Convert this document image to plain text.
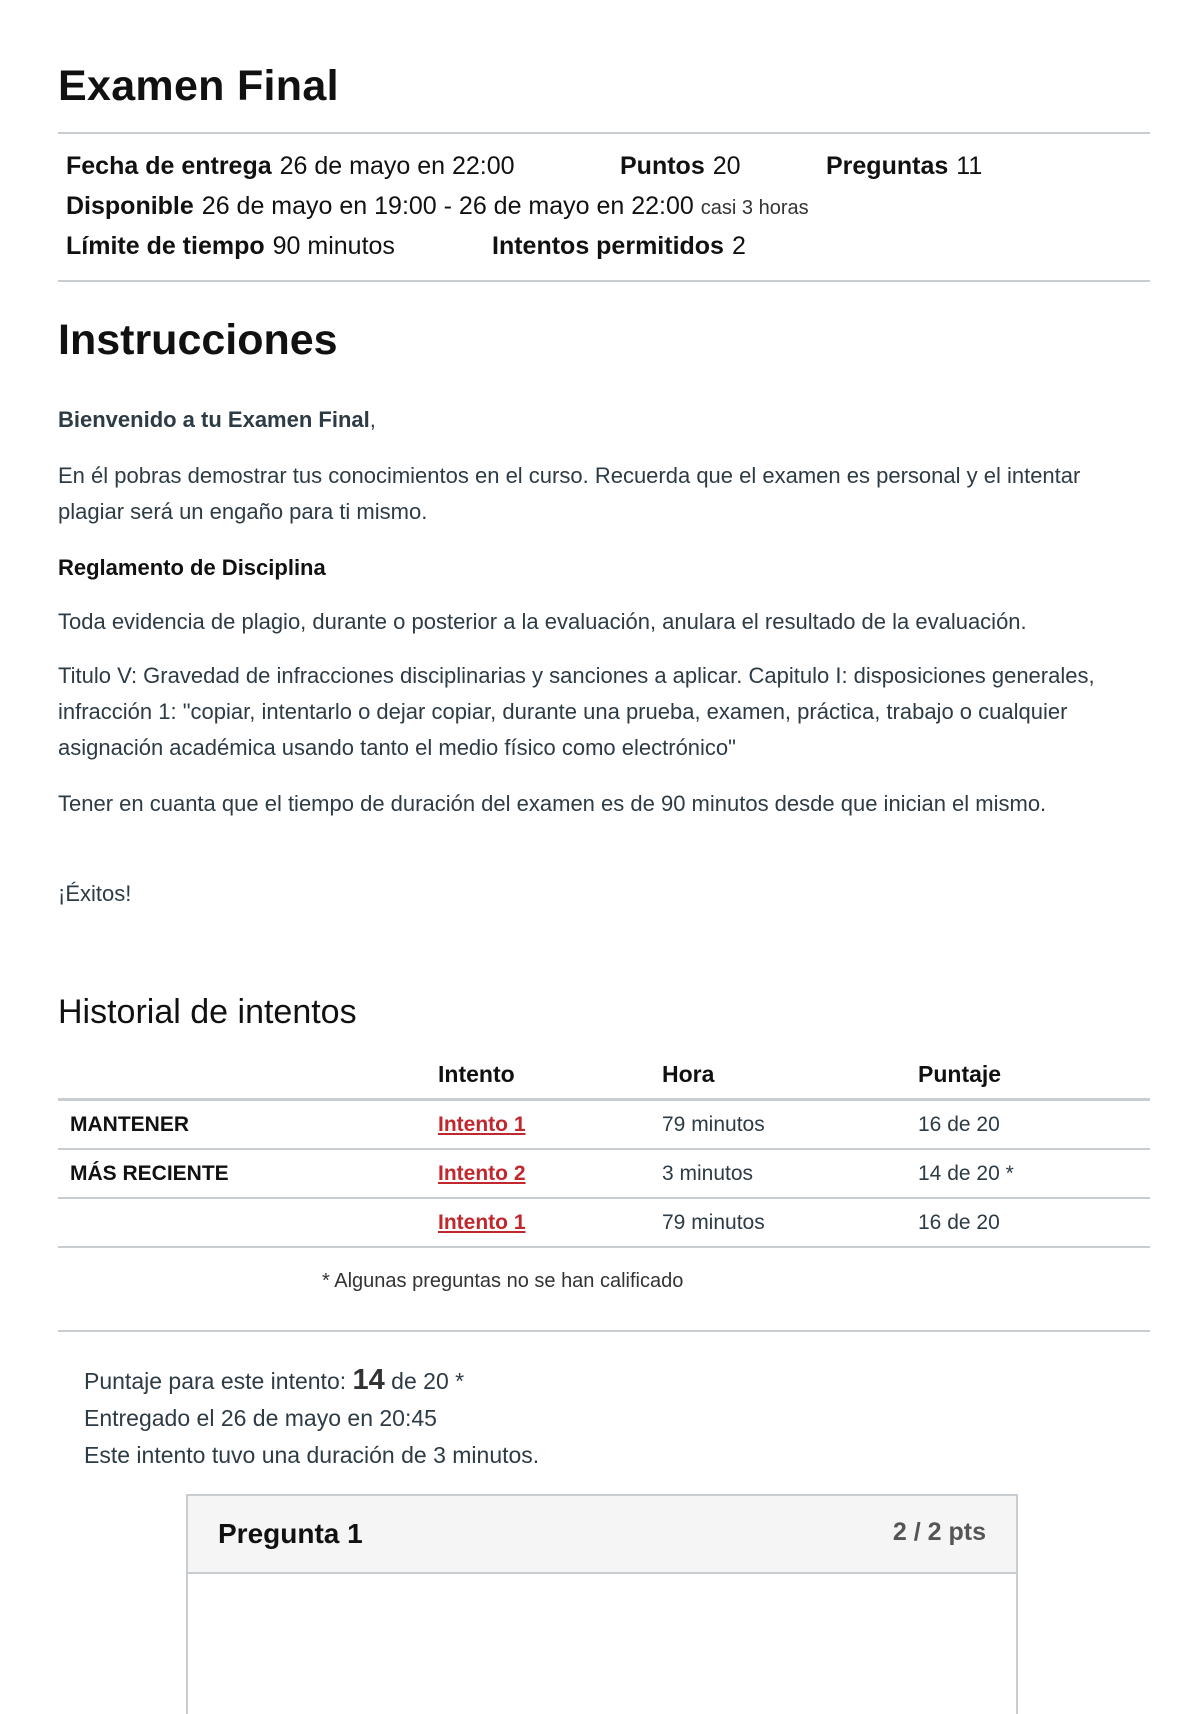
Examen Final
Fecha de entrega 26 de mayo en 22:00	Puntos 20	Preguntas 11
Disponible 26 de mayo en 19:00 - 26 de mayo en 22:00 casi 3 horas
Límite de tiempo 90 minutos	Intentos permitidos 2
Instrucciones

Bienvenido a tu Examen Final,

En él pobras demostrar tus conocimientos en el curso. Recuerda que el examen es personal y el intentar plagiar será un engaño para ti mismo.

Reglamento de Disciplina

Toda evidencia de plagio, durante o posterior a la evaluación, anulara el resultado de la evaluación.

Titulo V: Gravedad de infracciones disciplinarias y sanciones a aplicar. Capitulo I: disposiciones generales, infracción 1: "copiar, intentarlo o dejar copiar, durante una prueba, examen, práctica, trabajo o cualquier asignación académica usando tanto el medio físico como electrónico"

Tener en cuanta que el tiempo de duración del examen es de 90 minutos desde que inician el mismo.

¡Éxitos!

Historial de intentos
	Intento	Hora	Puntaje
MANTENER	Intento 1	79 minutos	16 de 20
MÁS RECIENTE	Intento 2	3 minutos	14 de 20 *
	Intento 1	79 minutos	16 de 20
* Algunas preguntas no se han calificado
Puntaje para este intento: 14 de 20 *
Entregado el 26 de mayo en 20:45
Este intento tuvo una duración de 3 minutos.
Pregunta 1	2 / 2 pts
